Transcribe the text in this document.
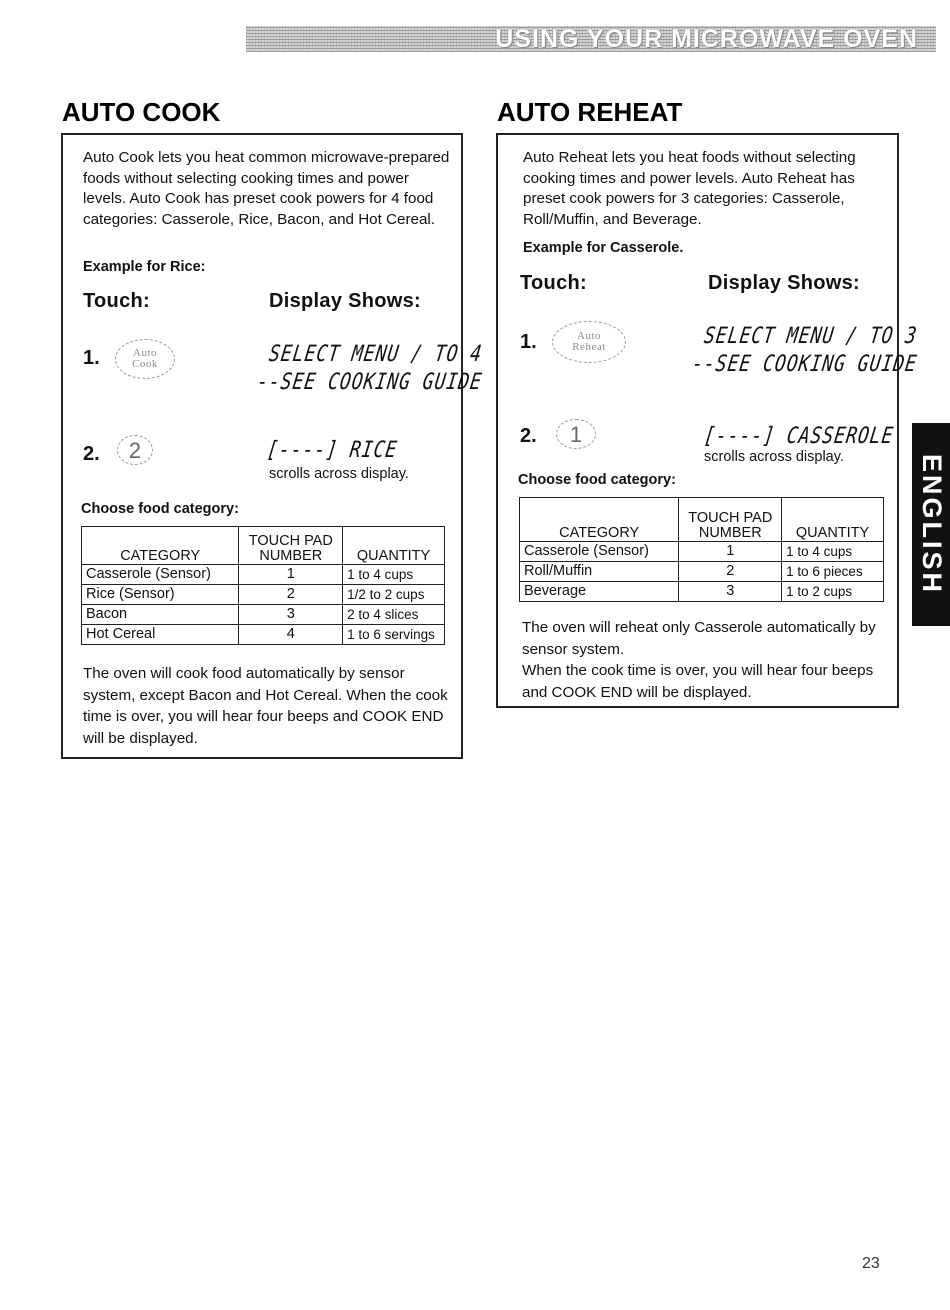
USING YOUR MICROWAVE OVEN
AUTO COOK
Auto Cook lets you heat common microwave-prepared foods without selecting cooking times and power levels. Auto Cook has preset cook powers for 4 food categories: Casserole, Rice, Bacon, and Hot Cereal.
Example for Rice:
Touch:	Display Shows:
1.	Auto
Cook	SELECT MENU / TO 4
--SEE COOKING GUIDE
2. 2	[----] RICE
scrolls across display.
Choose food category:
CATEGORY	TOUCH PAD
NUMBER	QUANTITY
Casserole (Sensor)	1	1 to 4 cups
Rice (Sensor)	2	1/2 to 2 cups
Bacon	3	2 to 4 slices
Hot Cereal	4	1 to 6 servings
The oven will cook food automatically by sensor system, except Bacon and Hot Cereal. When the cook time is over, you will hear four beeps and COOK END will be displayed.
AUTO REHEAT
Auto Reheat lets you heat foods without selecting cooking times and power levels. Auto Reheat has preset cook powers for 3 categories: Casserole, Roll/Muffin, and Beverage.
Example for Casserole.
Touch:	Display Shows:
1.	Auto
Reheat	SELECT MENU / TO 3
--SEE COOKING GUIDE
2. 1	[----] CASSEROLE
scrolls across display.
Choose food category:
CATEGORY	TOUCH PAD
NUMBER	QUANTITY
Casserole (Sensor)	1	1 to 4 cups
Roll/Muffin	2	1 to 6 pieces
Beverage	3	1 to 2 cups
The oven will reheat only Casserole automatically by sensor system.
When the cook time is over, you will hear four beeps and COOK END will be displayed.
ENGLISH
23
